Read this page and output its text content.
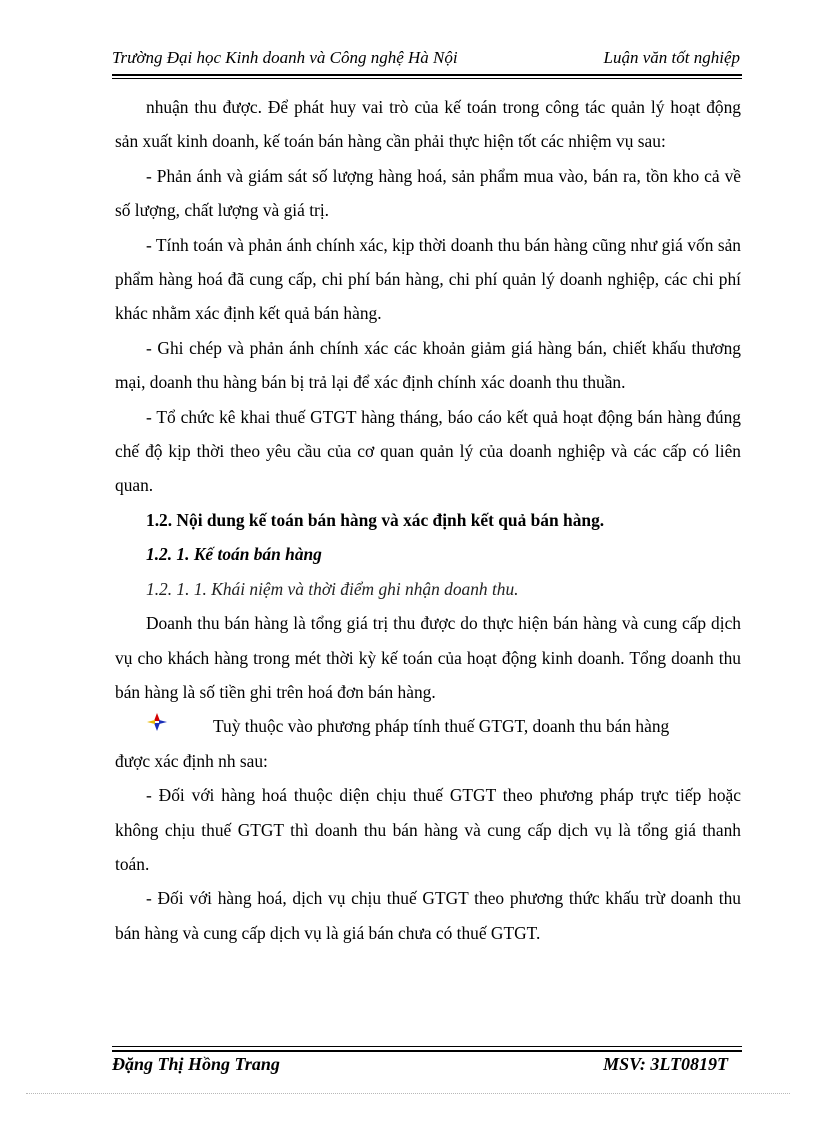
Trường Đại học Kinh doanh và Công nghệ Hà Nội	Luận văn tốt nghiệp

nhuận thu được. Để phát huy vai trò của kế toán trong công tác quản lý hoạt động sản xuất kinh doanh, kế toán bán hàng cần phải thực hiện tốt các nhiệm vụ sau:

- Phản ánh và giám sát số lượng hàng hoá, sản phẩm mua vào, bán ra, tồn kho cả về số lượng, chất lượng và giá trị.

- Tính toán và phản ánh chính xác, kịp thời doanh thu bán hàng cũng như giá vốn sản phẩm hàng hoá đã cung cấp, chi phí bán hàng, chi phí quản lý doanh nghiệp, các chi phí khác nhằm xác định kết quả bán hàng.

- Ghi chép và phản ánh chính xác các khoản giảm giá hàng bán, chiết khấu thương mại, doanh thu hàng bán bị trả lại để xác định chính xác doanh thu thuần.

- Tổ chức kê khai thuế GTGT hàng tháng, báo cáo kết quả hoạt động bán hàng đúng chế độ kịp thời theo yêu cầu của cơ quan quản lý của doanh nghiệp và các cấp có liên quan.

1.2. Nội dung kế toán bán hàng và xác định kết quả bán hàng.

1.2. 1. Kế toán bán hàng

1.2. 1. 1. Khái niệm và thời điểm ghi nhận doanh thu.

Doanh thu bán hàng là tổng giá trị thu được do thực hiện bán hàng và cung cấp dịch vụ cho khách hàng trong mét thời kỳ kế toán của hoạt động kinh doanh. Tổng doanh thu bán hàng là số tiền ghi trên hoá đơn bán hàng.

Tuỳ thuộc vào phương pháp tính thuế GTGT, doanh thu bán hàng

được xác định nh sau:

- Đối với hàng hoá thuộc diện chịu thuế GTGT theo phương pháp trực tiếp hoặc không chịu thuế GTGT thì doanh thu bán hàng và cung cấp dịch vụ là tổng giá thanh toán.

- Đối với hàng hoá, dịch vụ chịu thuế GTGT theo phương thức khấu trừ doanh thu bán hàng và cung cấp dịch vụ là giá bán chưa có thuế GTGT.

Đặng Thị Hồng Trang	MSV: 3LT0819T
